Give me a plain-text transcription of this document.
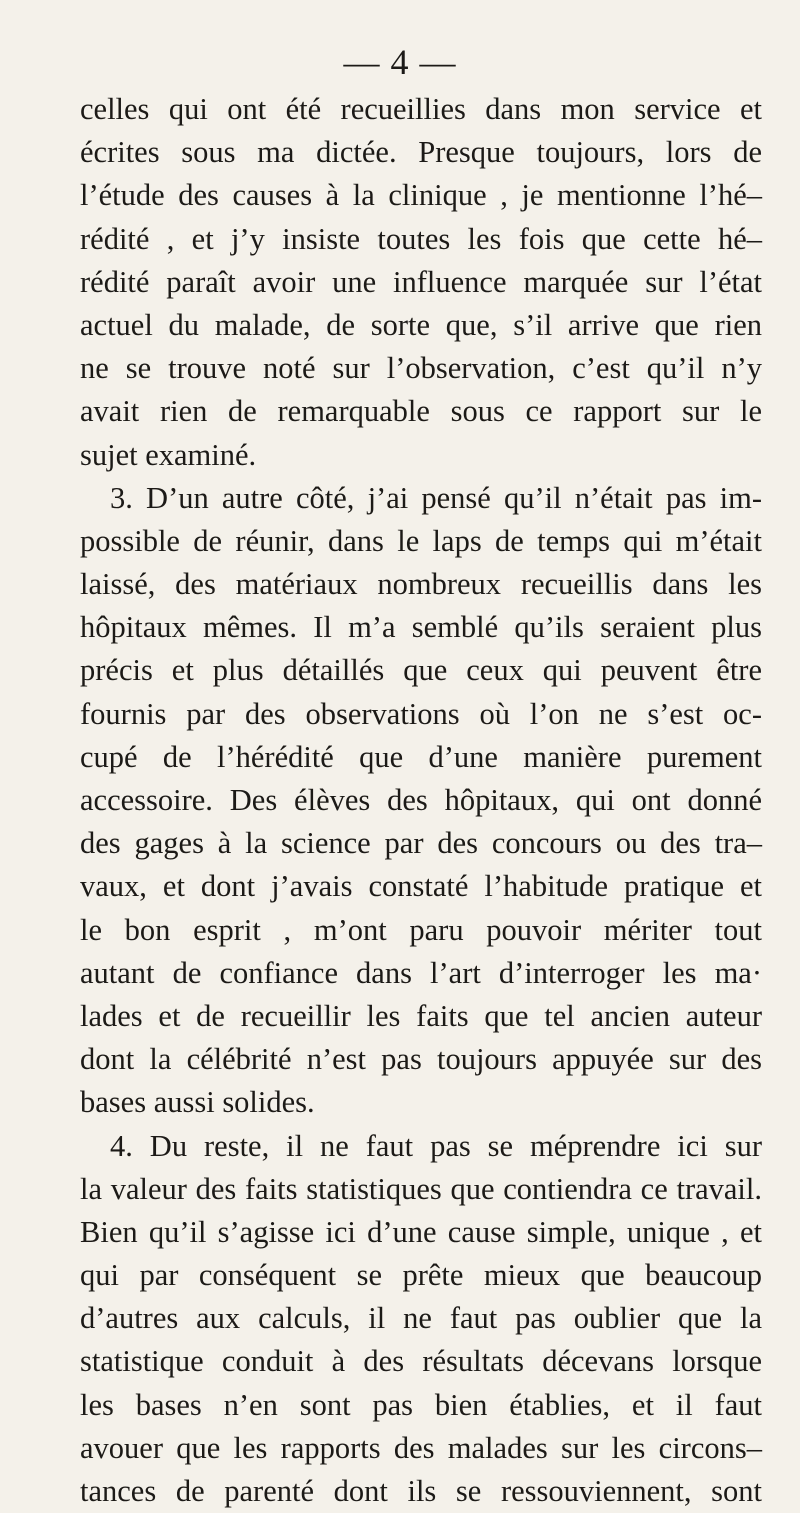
— 4 —
celles qui ont été recueillies dans mon service et
écrites sous ma dictée. Presque toujours, lors de
l’étude des causes à la clinique , je mentionne l’hé–
rédité , et j’y insiste toutes les fois que cette hé–
rédité paraît avoir une influence marquée sur l’état
actuel du malade, de sorte que, s’il arrive que rien
ne se trouve noté sur l’observation, c’est qu’il n’y
avait rien de remarquable sous ce rapport sur le
sujet examiné.
3. D’un autre côté, j’ai pensé qu’il n’était pas im-
possible de réunir, dans le laps de temps qui m’était
laissé, des matériaux nombreux recueillis dans les
hôpitaux mêmes. Il m’a semblé qu’ils seraient plus
précis et plus détaillés que ceux qui peuvent être
fournis par des observations où l’on ne s’est oc-
cupé de l’hérédité que d’une manière purement
accessoire. Des élèves des hôpitaux, qui ont donné
des gages à la science par des concours ou des tra–
vaux, et dont j’avais constaté l’habitude pratique et
le bon esprit , m’ont paru pouvoir mériter tout
autant de confiance dans l’art d’interroger les ma·
lades et de recueillir les faits que tel ancien auteur
dont la célébrité n’est pas toujours appuyée sur des
bases aussi solides.
4. Du reste, il ne faut pas se méprendre ici sur
la valeur des faits statistiques que contiendra ce travail.
Bien qu’il s’agisse ici d’une cause simple, unique , et
qui par conséquent se prête mieux que beaucoup
d’autres aux calculs, il ne faut pas oublier que la
statistique conduit à des résultats décevans lorsque
les bases n’en sont pas bien établies, et il faut
avouer que les rapports des malades sur les circons–
tances de parenté dont ils se ressouviennent, sont
